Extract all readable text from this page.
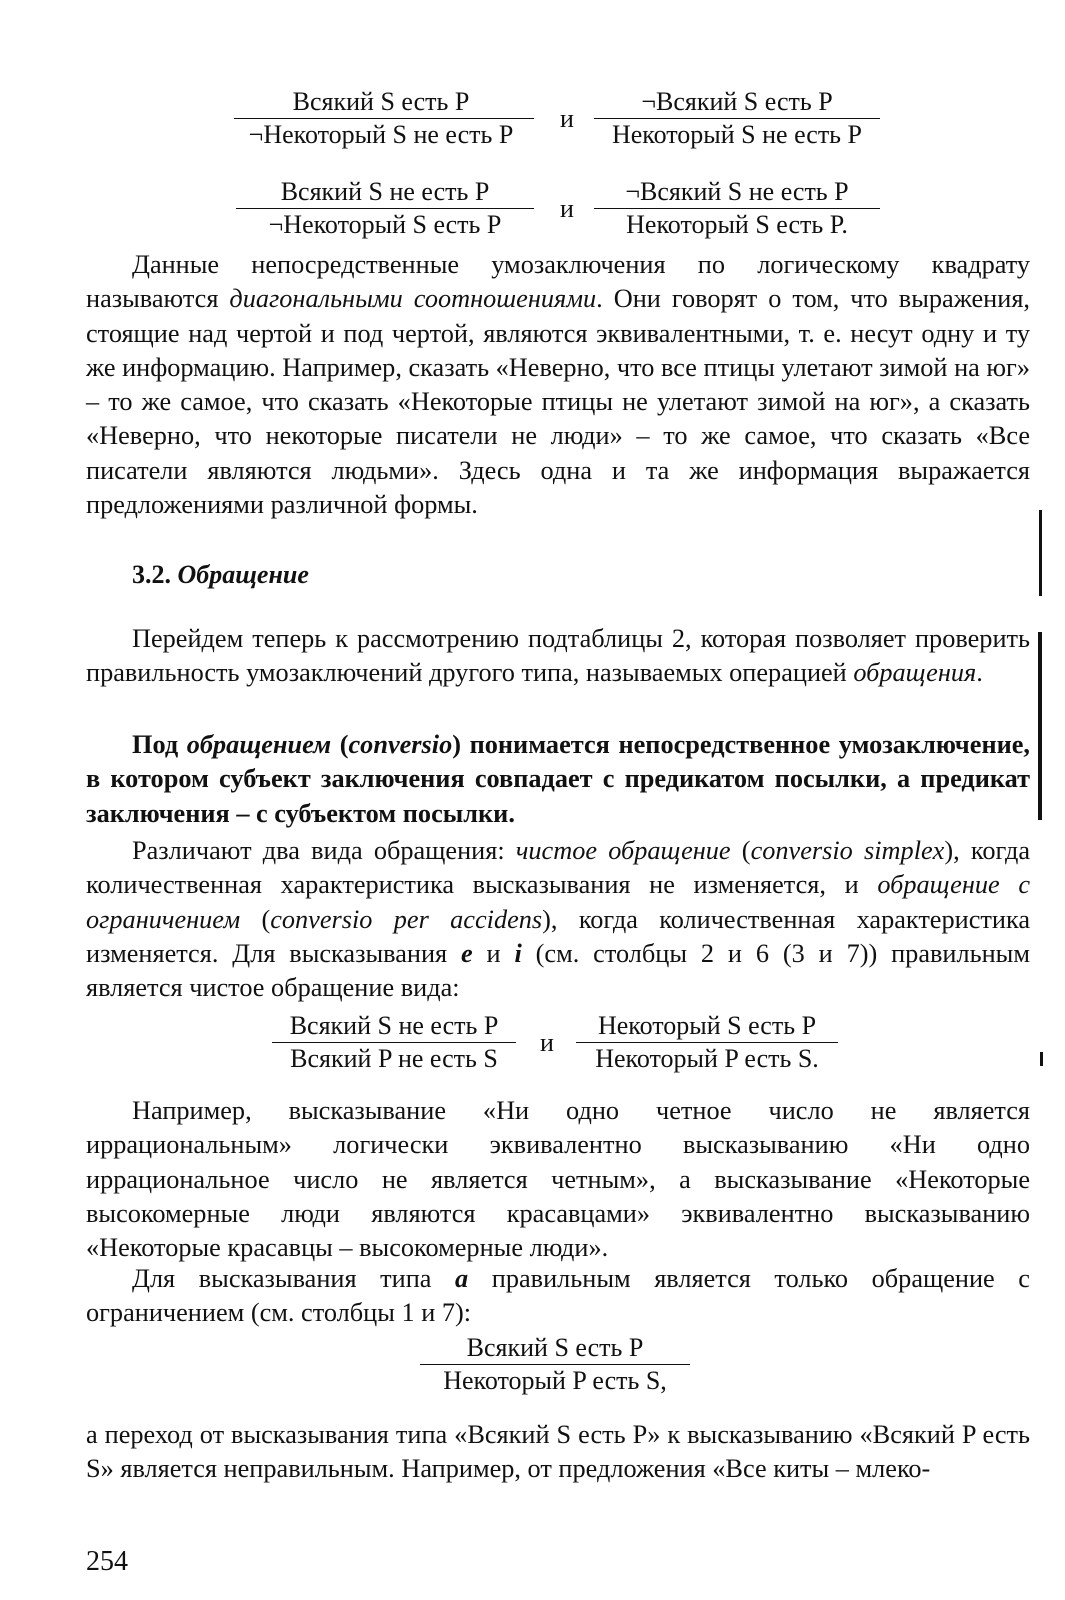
Всякий S есть P
¬Некоторый S не есть P
и
¬Всякий S есть P
Некоторый S не есть P
Всякий S не есть P
¬Некоторый S есть P
и
¬Всякий S не есть P
Некоторый S есть P.

Данные непосредственные умозаключения по логическому квадрату называются диагональными соотношениями. Они говорят о том, что выражения, стоящие над чертой и под чертой, являются эквивалентными, т. е. несут одну и ту же информацию. Например, сказать «Неверно, что все птицы улетают зимой на юг» – то же самое, что сказать «Некоторые птицы не улетают зимой на юг», а сказать «Неверно, что некоторые писатели не люди» – то же самое, что сказать «Все писатели являются людьми». Здесь одна и та же информация выражается предложениями различной формы.

3.2. Обращение

Перейдем теперь к рассмотрению подтаблицы 2, которая позволяет проверить правильность умозаключений другого типа, называемых операцией обращения.

Под обращением (conversio) понимается непосредственное умозаключение, в котором субъект заключения совпадает с предикатом посылки, а предикат заключения – с субъектом посылки.

Различают два вида обращения: чистое обращение (conversio simplex), когда количественная характеристика высказывания не изменяется, и обращение с ограничением (conversio per accidens), когда количественная характеристика изменяется. Для высказывания e и i (см. столбцы 2 и 6 (3 и 7)) правильным является чистое обращение вида:

Всякий S не есть P
Всякий P не есть S
и
Некоторый S есть P
Некоторый P есть S.

Например, высказывание «Ни одно четное число не является иррациональным» логически эквивалентно высказыванию «Ни одно иррациональное число не является четным», а высказывание «Некоторые высокомерные люди являются красавцами» эквивалентно высказыванию «Некоторые красавцы – высокомерные люди».

Для высказывания типа a правильным является только обращение с ограничением (см. столбцы 1 и 7):

Всякий S есть P
Некоторый P есть S,

а переход от высказывания типа «Всякий S есть P» к высказыванию «Всякий P есть S» является неправильным. Например, от предложения «Все киты – млеко-

254
